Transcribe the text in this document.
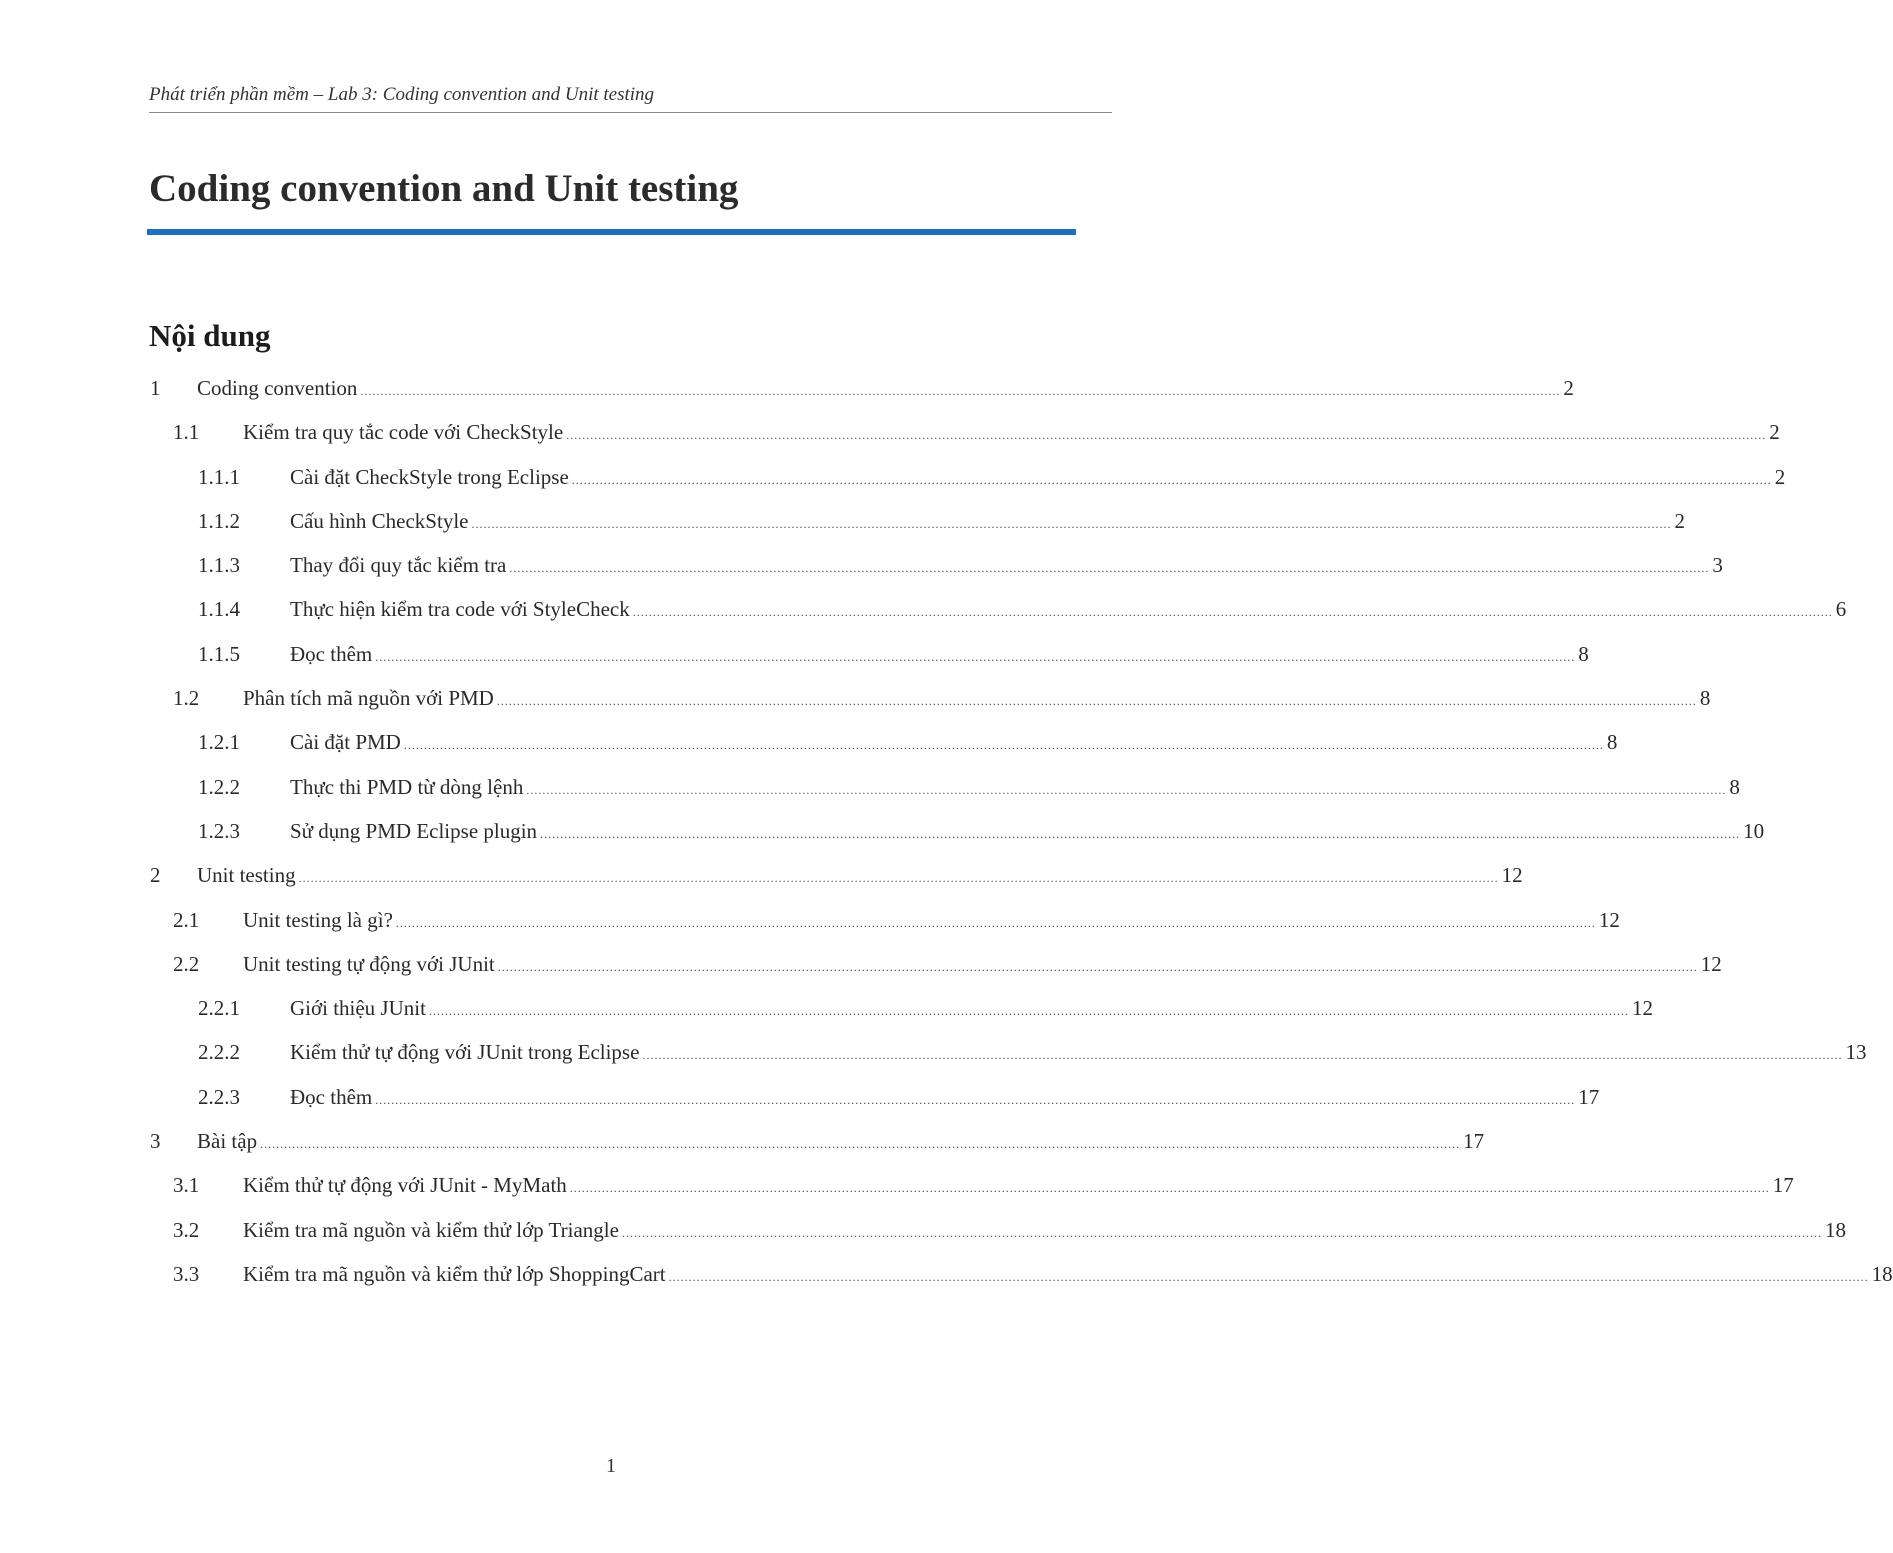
Phát triển phần mềm – Lab 3: Coding convention and Unit testing
Coding convention and Unit testing
Nội dung
1 Coding convention ............................................................................................................................................................................................................................................................................................................ 2
1.1 Kiểm tra quy tắc code với CheckStyle ............................................................................................................................................................................................................................................................................................................ 2
1.1.1 Cài đặt CheckStyle trong Eclipse ............................................................................................................................................................................................................................................................................................................ 2
1.1.2 Cấu hình CheckStyle ............................................................................................................................................................................................................................................................................................................ 2
1.1.3 Thay đổi quy tắc kiểm tra ............................................................................................................................................................................................................................................................................................................ 3
1.1.4 Thực hiện kiểm tra code với StyleCheck ............................................................................................................................................................................................................................................................................................................ 6
1.1.5 Đọc thêm ............................................................................................................................................................................................................................................................................................................ 8
1.2 Phân tích mã nguồn với PMD ............................................................................................................................................................................................................................................................................................................ 8
1.2.1 Cài đặt PMD ............................................................................................................................................................................................................................................................................................................ 8
1.2.2 Thực thi PMD từ dòng lệnh ............................................................................................................................................................................................................................................................................................................ 8
1.2.3 Sử dụng PMD Eclipse plugin ............................................................................................................................................................................................................................................................................................................ 10
2 Unit testing ............................................................................................................................................................................................................................................................................................................ 12
2.1 Unit testing là gì? ............................................................................................................................................................................................................................................................................................................ 12
2.2 Unit testing tự động với JUnit ............................................................................................................................................................................................................................................................................................................ 12
2.2.1 Giới thiệu JUnit ............................................................................................................................................................................................................................................................................................................ 12
2.2.2 Kiểm thử tự động với JUnit trong Eclipse ............................................................................................................................................................................................................................................................................................................ 13
2.2.3 Đọc thêm ............................................................................................................................................................................................................................................................................................................ 17
3 Bài tập ............................................................................................................................................................................................................................................................................................................ 17
3.1 Kiểm thử tự động với JUnit - MyMath ............................................................................................................................................................................................................................................................................................................ 17
3.2 Kiểm tra mã nguồn và kiểm thử lớp Triangle ............................................................................................................................................................................................................................................................................................................ 18
3.3 Kiểm tra mã nguồn và kiểm thử lớp ShoppingCart ............................................................................................................................................................................................................................................................................................................ 18
1
